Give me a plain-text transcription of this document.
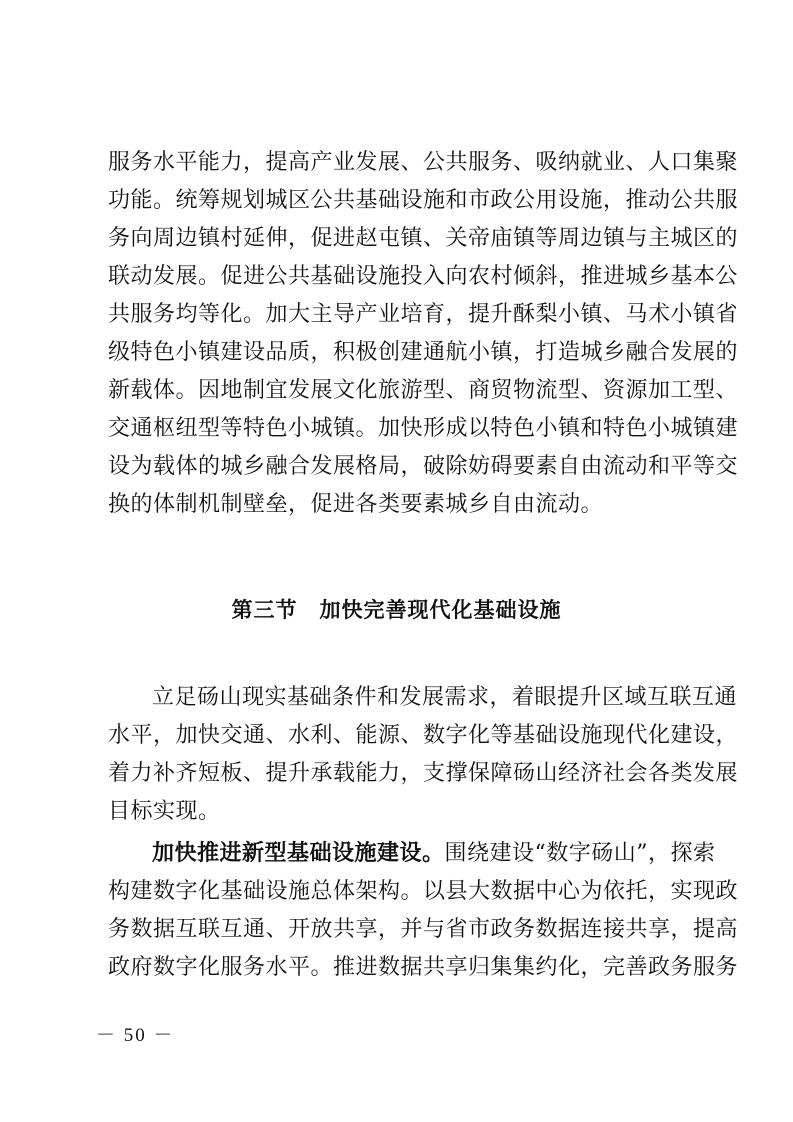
服务水平能力，提高产业发展、公共服务、吸纳就业、人口集聚
功能。统筹规划城区公共基础设施和市政公用设施，推动公共服
务向周边镇村延伸，促进赵屯镇、关帝庙镇等周边镇与主城区的
联动发展。促进公共基础设施投入向农村倾斜，推进城乡基本公
共服务均等化。加大主导产业培育，提升酥梨小镇、马术小镇省
级特色小镇建设品质，积极创建通航小镇，打造城乡融合发展的
新载体。因地制宜发展文化旅游型、商贸物流型、资源加工型、
交通枢纽型等特色小城镇。加快形成以特色小镇和特色小城镇建
设为载体的城乡融合发展格局，破除妨碍要素自由流动和平等交
换的体制机制壁垒，促进各类要素城乡自由流动。
第三节　加快完善现代化基础设施
立足砀山现实基础条件和发展需求，着眼提升区域互联互通
水平，加快交通、水利、能源、数字化等基础设施现代化建设，
着力补齐短板、提升承载能力，支撑保障砀山经济社会各类发展
目标实现。
加快推进新型基础设施建设。围绕建设“数字砀山”，探索
构建数字化基础设施总体架构。以县大数据中心为依托，实现政
务数据互联互通、开放共享，并与省市政务数据连接共享，提高
政府数字化服务水平。推进数据共享归集集约化，完善政务服务
－ 50 －
